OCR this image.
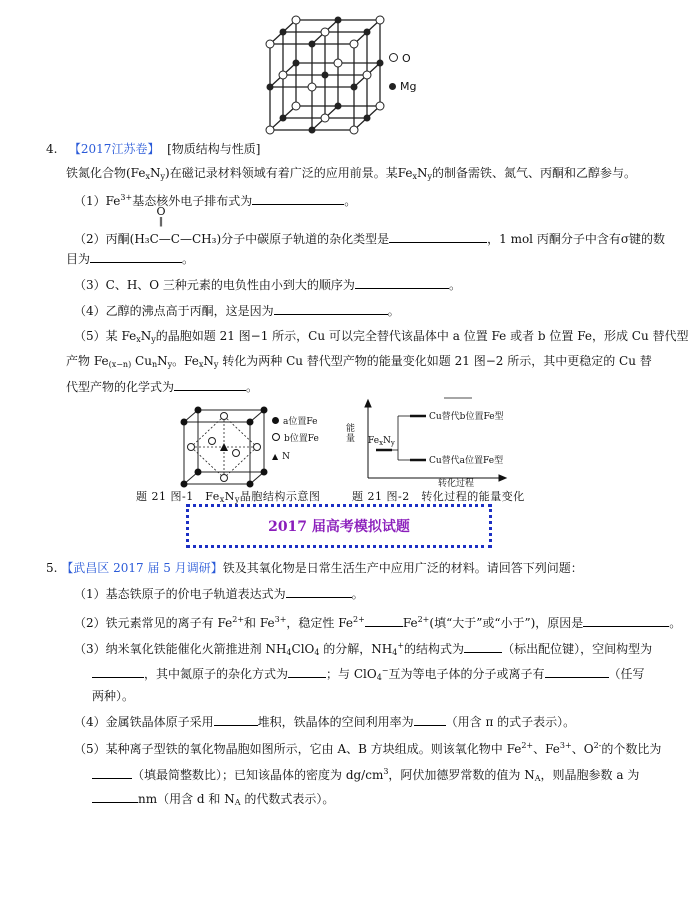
O
Mg
4. 【2017江苏卷】 [物质结构与性质]
铁氮化合物$(Fe_xN_y)$在磁记录材料领域有着广泛的应用前景。某$Fe_xN_y$的制备需铁、氮气、丙酮和乙醇参与。
$(1)Fe^{3+}$基态核外电子排布式为	。
O
‖
（2）丙酮(H₃C—C—CH₃)分子中碳原子轨道的杂化类型是	，1 mol 丙酮分子中含有σ键的数
目为	。
（3）C、H、O 三种元素的电负性由小到大的顺序为	。
（4）乙醇的沸点高于丙酮，这是因为	。
（5）某 $Fe_xN_y$的晶胞如题 21 图−1 所示，Cu 可以完全替代该晶体中 a 位置 Fe 或者 b 位置 Fe，形成 Cu 替代型
产物 $Fe_{(x-n)}$ $Cu_nN_y$。$Fe_xN_y$ 转化为两种 Cu 替代型产物的能量变化如题 21 图−2 所示，其中更稳定的 Cu 替
代型产物的化学式为	。
a位置Fe
b位置Fe
▲ N
题 21 图-1　$Fe_xN_y$晶胞结构示意图
能量 $Fe_xN_y$
Cu替代b位置Fe型
Cu替代a位置Fe型
转化过程
题 21 图-2　转化过程的能量变化
2017 届高考模拟试题
5. 【武昌区 2017 届 5 月调研】铁及其氧化物是日常生活生产中应用广泛的材料。请回答下列问题：
（1）基态铁原子的价电子轨道表达式为	。
（2）铁元素常见的离子有 $Fe^{2+}$和 $Fe^{3+}$，稳定性 $Fe^{2+}$	$Fe^{2+}$(填“大于”或“小于”)，原因是	。
（3）纳米氧化铁能催化火箭推进剂 $NH_4ClO_4$ 的分解，$NH_4^+$的结构式为	（标出配位键），空间构型为
，其中氮原子的杂化方式为	；与 ClO$_4$−互为等电子体的分子或离子有	（任写
两种）。
（4）金属铁晶体原子采用	堆积，铁晶体的空间利用率为	（用含 π 的式子表示）。
（5）某种离子型铁的氧化物晶胞如图所示，它由 A、B 方块组成。则该氧化物中 $Fe^{2+}$、$Fe^{3+}$、$O^{2-}$的个数比为
（填最简整数比）；已知该晶体的密度为 $dg/cm^3$，阿伏加德罗常数的值为 $N_A$，则晶胞参数 a 为
nm（用含 d 和 $N_A$ 的代数式表示）。
